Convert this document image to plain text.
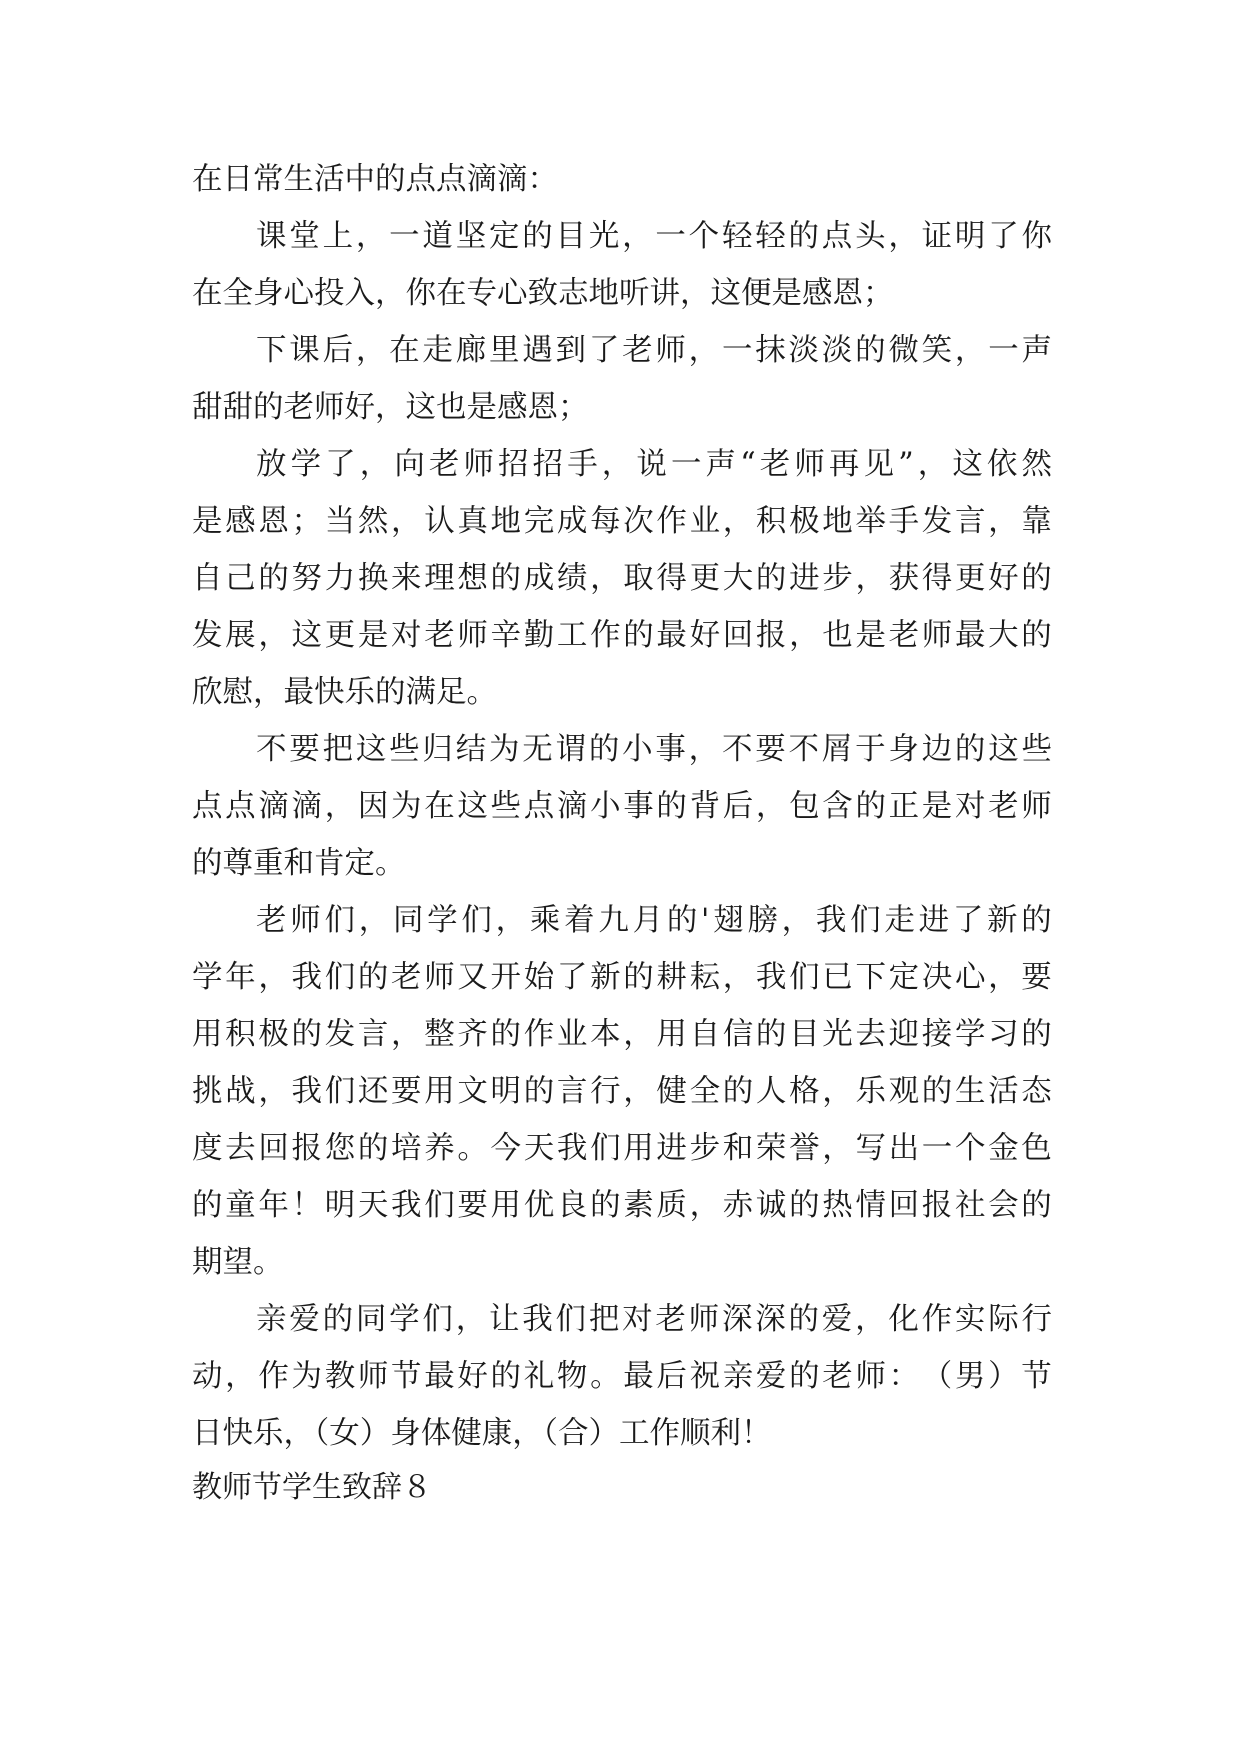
在日常生活中的点点滴滴：
课 堂 上 ， 一 道 坚 定 的 目 光 ， 一 个 轻 轻 的 点 头 ， 证 明 了 你
在全身心投入，你在专心致志地听讲，这便是感恩；
下 课 后 ， 在 走 廊 里 遇 到 了 老 师 ， 一 抹 淡 淡 的 微 笑 ， 一 声
甜甜的老师好，这也是感恩；
放 学 了 ， 向 老 师 招 招 手 ， 说 一 声 “ 老 师 再 见 ” ， 这 依 然
是 感 恩 ； 当 然 ， 认 真 地 完 成 每 次 作 业 ， 积 极 地 举 手 发 言 ， 靠
自 己 的 努 力 换 来 理 想 的 成 绩 ， 取 得 更 大 的 进 步 ， 获 得 更 好 的
发 展 ， 这 更 是 对 老 师 辛 勤 工 作 的 最 好 回 报 ， 也 是 老 师 最 大 的
欣慰，最快乐的满足。
不 要 把 这 些 归 结 为 无 谓 的 小 事 ， 不 要 不 屑 于 身 边 的 这 些
点 点 滴 滴 ， 因 为 在 这 些 点 滴 小 事 的 背 后 ， 包 含 的 正 是 对 老 师
的尊重和肯定。
老 师 们 ， 同 学 们 ， 乘 着 九 月 的 ' 翅 膀 ， 我 们 走 进 了 新 的
学 年 ， 我 们 的 老 师 又 开 始 了 新 的 耕 耘 ， 我 们 已 下 定 决 心 ， 要
用 积 极 的 发 言 ， 整 齐 的 作 业 本 ， 用 自 信 的 目 光 去 迎 接 学 习 的
挑 战 ， 我 们 还 要 用 文 明 的 言 行 ， 健 全 的 人 格 ， 乐 观 的 生 活 态
度 去 回 报 您 的 培 养 。 今 天 我 们 用 进 步 和 荣 誉 ， 写 出 一 个 金 色
的 童 年 ！ 明 天 我 们 要 用 优 良 的 素 质 ， 赤 诚 的 热 情 回 报 社 会 的
期望。
亲 爱 的 同 学 们 ， 让 我 们 把 对 老 师 深 深 的 爱 ， 化 作 实 际 行
动 ， 作 为 教 师 节 最 好 的 礼 物 。 最 后 祝 亲 爱 的 老 师 ： （ 男 ） 节
日快乐，（女）身体健康，（合）工作顺利！
教师节学生致辞８
